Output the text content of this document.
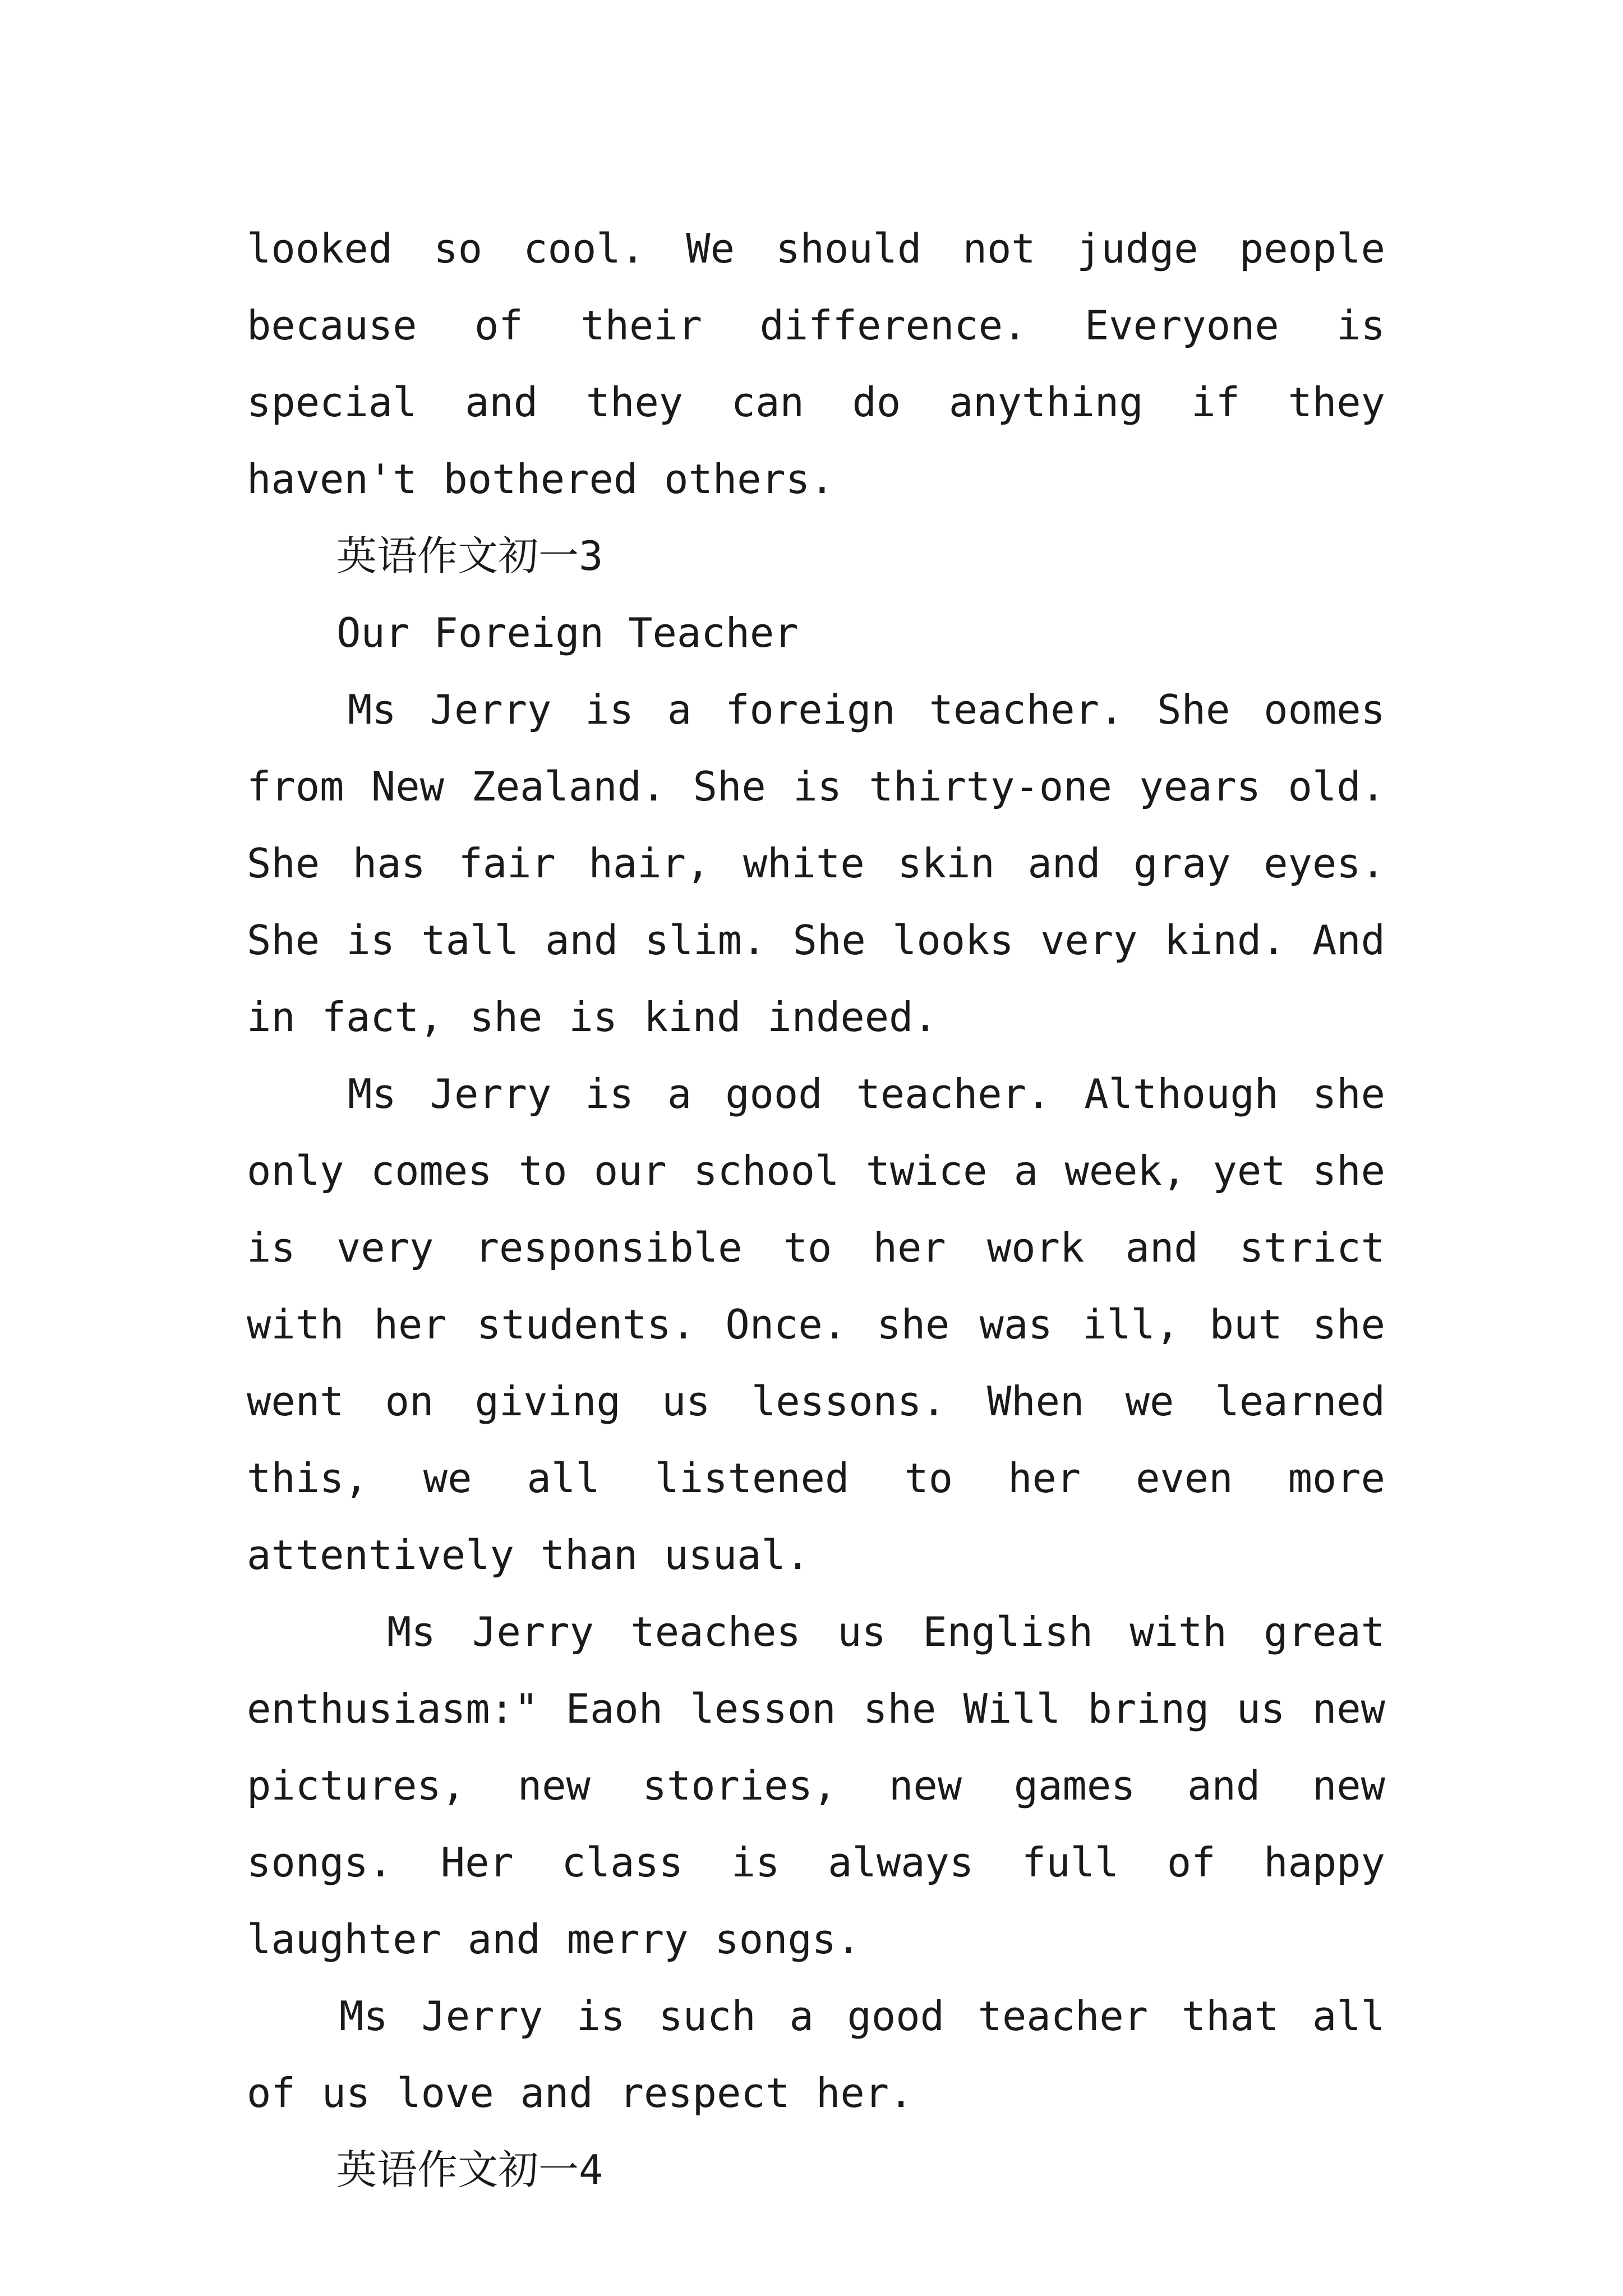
looked so cool. We should not judge people because of their difference. Everyone is special and they can do anything if they haven't bothered others.

英语作文初一3

Our Foreign Teacher

Ms Jerry is a foreign teacher. She oomes from New Zealand. She is thirty-one years old. She has fair hair, white skin and gray eyes. She is tall and slim. She looks very kind. And in fact, she is kind indeed.

Ms Jerry is a good teacher. Although she only comes to our school twice a week, yet she is very responsible to her work and strict with her students. Once. she was ill, but she went on giving us lessons. When we learned this, we all listened to her even more attentively than usual.

Ms Jerry teaches us English with great enthusiasm:" Eaoh lesson she Will bring us new pictures, new stories, new games and new songs. Her class is always full of happy laughter and merry songs.

Ms Jerry is such a good teacher that all of us love and respect her.

英语作文初一4
